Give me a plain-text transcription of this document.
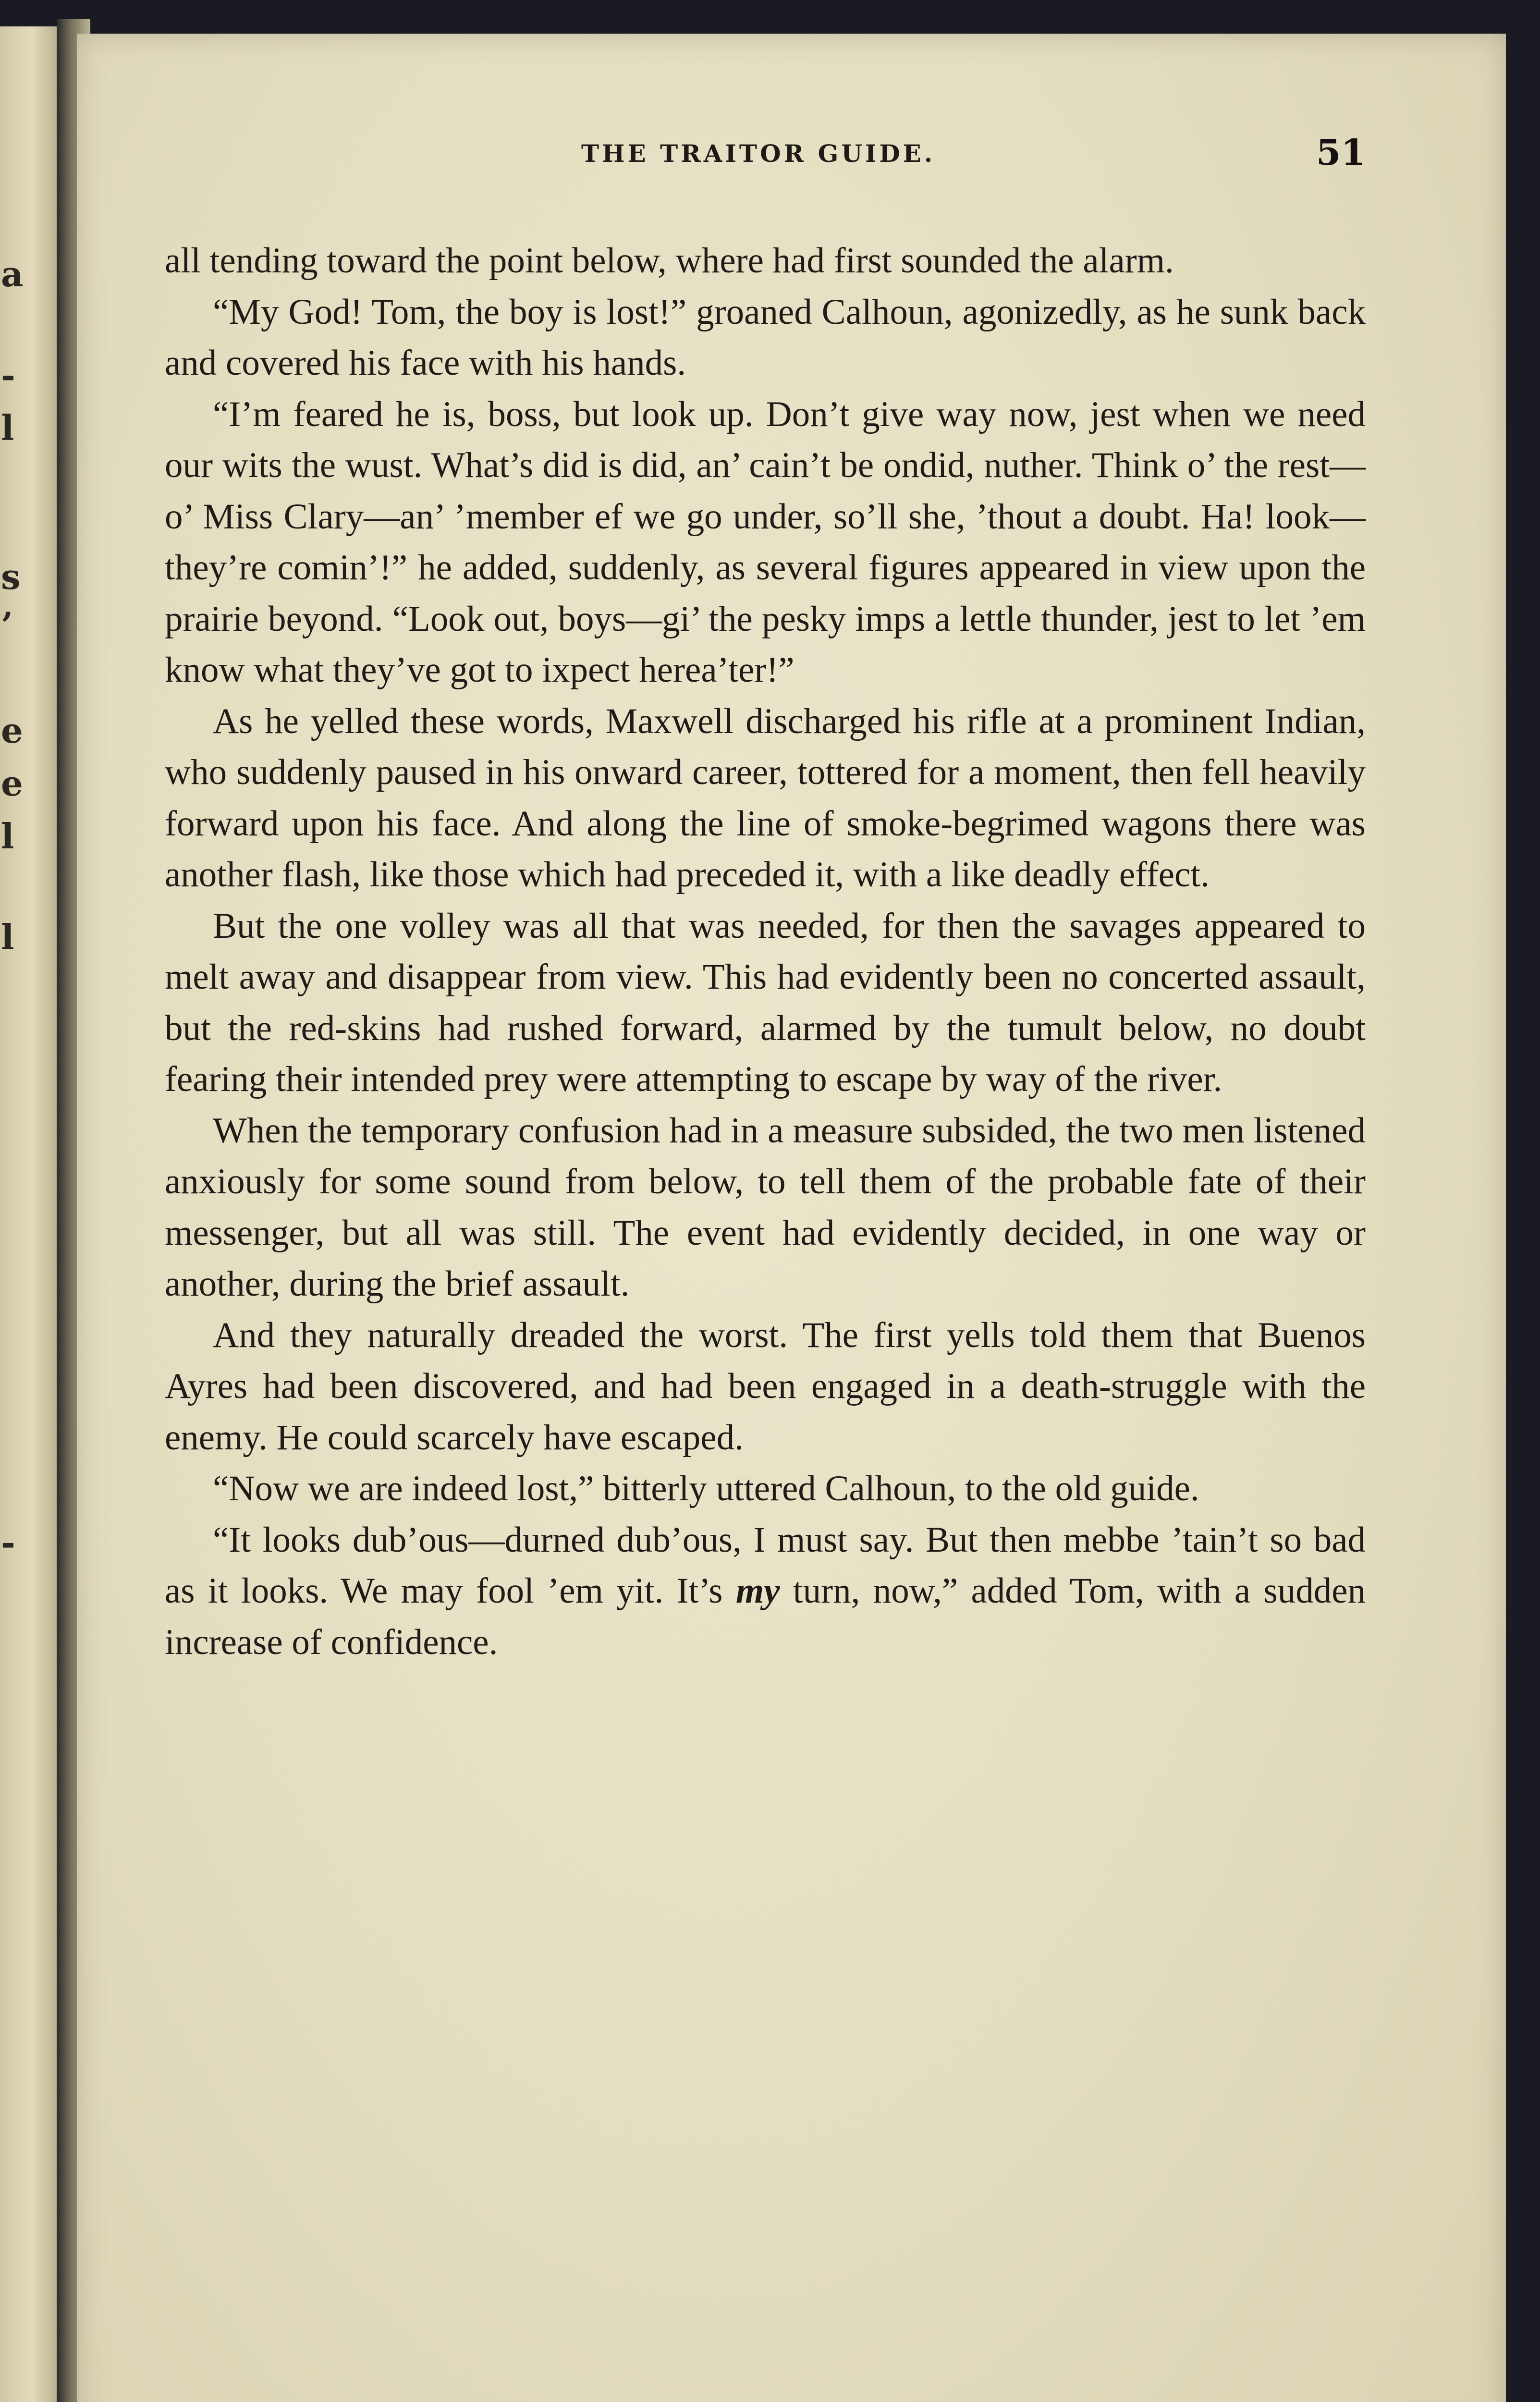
a
-
l
s
’
e
e
l
l
-
THE TRAITOR GUIDE.	51

all tending toward the point below, where had first sounded the alarm.

“My God! Tom, the boy is lost!” groaned Calhoun, agonizedly, as he sunk back and covered his face with his hands.

“I’m feared he is, boss, but look up. Don’t give way now, jest when we need our wits the wust. What’s did is did, an’ cain’t be ondid, nuther. Think o’ the rest—o’ Miss Clary—an’ ’member ef we go under, so’ll she, ’thout a doubt. Ha! look—they’re comin’!” he added, suddenly, as several figures appeared in view upon the prairie beyond. “Look out, boys—gi’ the pesky imps a lettle thunder, jest to let ’em know what they’ve got to ixpect herea’ter!”

As he yelled these words, Maxwell discharged his rifle at a prominent Indian, who suddenly paused in his onward career, tottered for a moment, then fell heavily forward upon his face. And along the line of smoke-begrimed wagons there was another flash, like those which had preceded it, with a like deadly effect.

But the one volley was all that was needed, for then the savages appeared to melt away and disappear from view. This had evidently been no concerted assault, but the red-skins had rushed forward, alarmed by the tumult below, no doubt fearing their intended prey were attempting to escape by way of the river.

When the temporary confusion had in a measure subsided, the two men listened anxiously for some sound from below, to tell them of the probable fate of their messenger, but all was still. The event had evidently decided, in one way or another, during the brief assault.

And they naturally dreaded the worst. The first yells told them that Buenos Ayres had been discovered, and had been engaged in a death-struggle with the enemy. He could scarcely have escaped.

“Now we are indeed lost,” bitterly uttered Calhoun, to the old guide.

“It looks dub’ous—durned dub’ous, I must say. But then mebbe ’tain’t so bad as it looks. We may fool ’em yit. It’s my turn, now,” added Tom, with a sudden increase of confidence.
